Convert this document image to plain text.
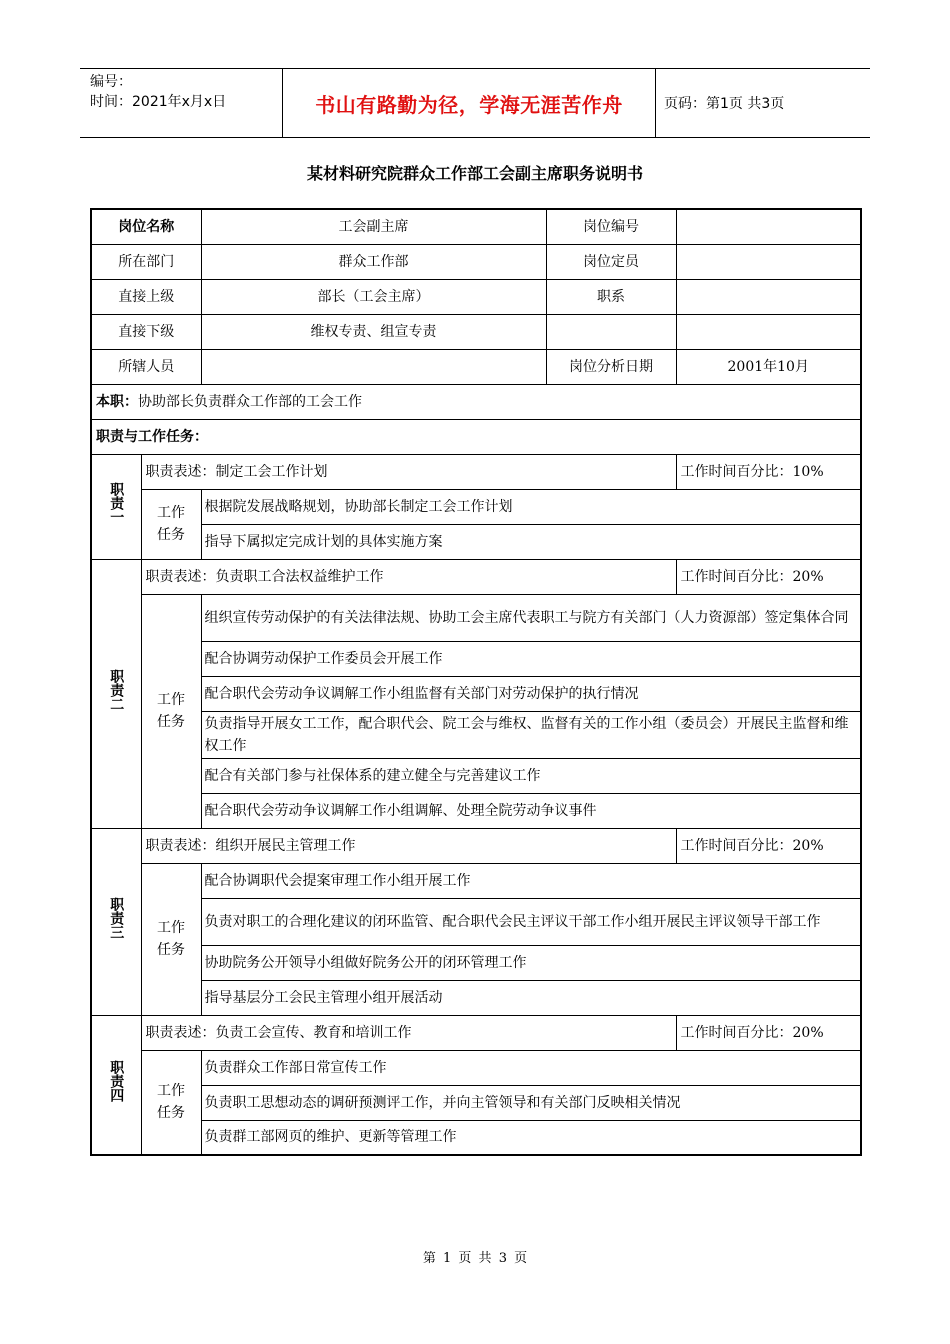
编号：
时间：2021年x月x日	书山有路勤为径，学海无涯苦作舟	页码：第1页 共3页
某材料研究院群众工作部工会副主席职务说明书
岗位名称		工会副主席	岗位编号	
所在部门		群众工作部	岗位定员	
直接上级		部长（工会主席）	职系	
直接下级		维权专责、组宣专责		
所辖人员			岗位分析日期	2001年10月
本职：协助部长负责群众工作部的工会工作				
职责与工作任务：				
职责一	职责表述：制定工会工作计划			工作时间百分比：10%
	工作任务	根据院发展战略规划，协助部长制定工会工作计划		
		指导下属拟定完成计划的具体实施方案		
职责二	职责表述：负责职工合法权益维护工作			工作时间百分比：20%
	工作任务	组织宣传劳动保护的有关法律法规、协助工会主席代表职工与院方有关部门（人力资源部）签定集体合同		
		配合协调劳动保护工作委员会开展工作		
		配合职代会劳动争议调解工作小组监督有关部门对劳动保护的执行情况		
		负责指导开展女工工作，配合职代会、院工会与维权、监督有关的工作小组（委员会）开展民主监督和维权工作		
		配合有关部门参与社保体系的建立健全与完善建议工作		
		配合职代会劳动争议调解工作小组调解、处理全院劳动争议事件		
职责三	职责表述：组织开展民主管理工作			工作时间百分比：20%
	工作任务	配合协调职代会提案审理工作小组开展工作		
		负责对职工的合理化建议的闭环监管、配合职代会民主评议干部工作小组开展民主评议领导干部工作		
		协助院务公开领导小组做好院务公开的闭环管理工作		
		指导基层分工会民主管理小组开展活动		
职责四	职责表述：负责工会宣传、教育和培训工作			工作时间百分比：20%
	工作任务	负责群众工作部日常宣传工作		
		负责职工思想动态的调研预测评工作，并向主管领导和有关部门反映相关情况		
		负责群工部网页的维护、更新等管理工作		
第 1 页 共 3 页
